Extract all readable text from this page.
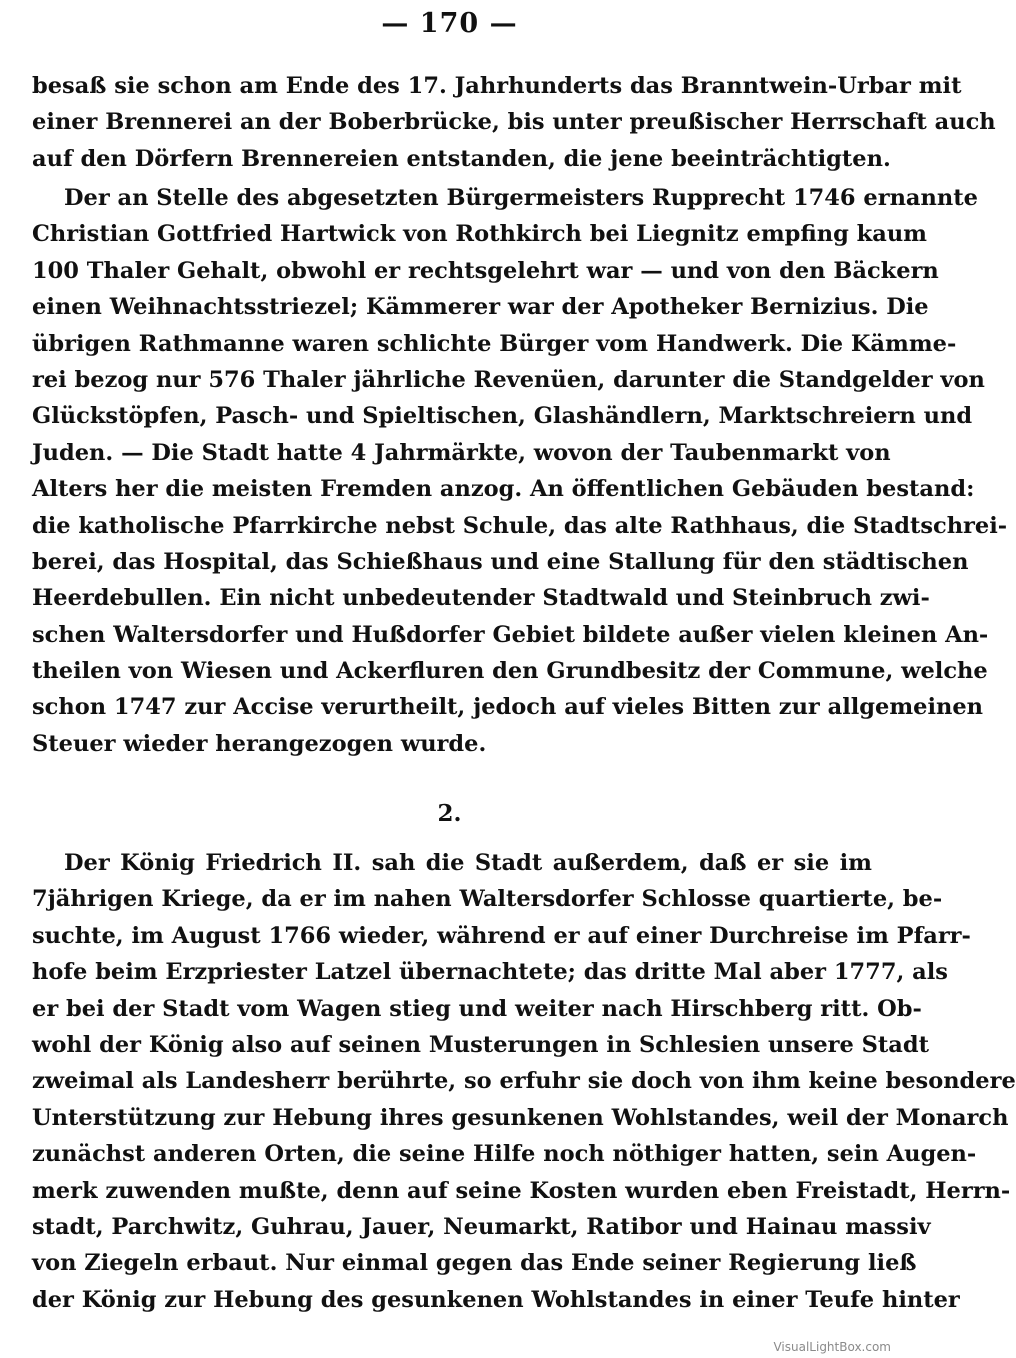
— 170 —
besaß sie schon am Ende des 17. Jahrhunderts das Branntwein-Urbar mit
einer Brennerei an der Boberbrücke, bis unter preußischer Herrschaft auch
auf den Dörfern Brennereien entstanden, die jene beeinträchtigten.
Der an Stelle des abgesetzten Bürgermeisters Rupprecht 1746 ernannte
Christian Gottfried Hartwick von Rothkirch bei Liegnitz empfing kaum
100 Thaler Gehalt, obwohl er rechtsgelehrt war — und von den Bäckern
einen Weihnachtsstriezel; Kämmerer war der Apotheker Bernizius. Die
übrigen Rathmanne waren schlichte Bürger vom Handwerk. Die Kämme-
rei bezog nur 576 Thaler jährliche Revenüen, darunter die Standgelder von
Glückstöpfen, Pasch- und Spieltischen, Glashändlern, Marktschreiern und
Juden. — Die Stadt hatte 4 Jahrmärkte, wovon der Taubenmarkt von
Alters her die meisten Fremden anzog. An öffentlichen Gebäuden bestand:
die katholische Pfarrkirche nebst Schule, das alte Rathhaus, die Stadtschrei-
berei, das Hospital, das Schießhaus und eine Stallung für den städtischen
Heerdebullen. Ein nicht unbedeutender Stadtwald und Steinbruch zwi-
schen Waltersdorfer und Hußdorfer Gebiet bildete außer vielen kleinen An-
theilen von Wiesen und Ackerfluren den Grundbesitz der Commune, welche
schon 1747 zur Accise verurtheilt, jedoch auf vieles Bitten zur allgemeinen
Steuer wieder herangezogen wurde.
2.
Der König Friedrich II. sah die Stadt außerdem, daß er sie im
7jährigen Kriege, da er im nahen Waltersdorfer Schlosse quartierte, be-
suchte, im August 1766 wieder, während er auf einer Durchreise im Pfarr-
hofe beim Erzpriester Latzel übernachtete; das dritte Mal aber 1777, als
er bei der Stadt vom Wagen stieg und weiter nach Hirschberg ritt. Ob-
wohl der König also auf seinen Musterungen in Schlesien unsere Stadt
zweimal als Landesherr berührte, so erfuhr sie doch von ihm keine besondere
Unterstützung zur Hebung ihres gesunkenen Wohlstandes, weil der Monarch
zunächst anderen Orten, die seine Hilfe noch nöthiger hatten, sein Augen-
merk zuwenden mußte, denn auf seine Kosten wurden eben Freistadt, Herrn-
stadt, Parchwitz, Guhrau, Jauer, Neumarkt, Ratibor und Hainau massiv
von Ziegeln erbaut. Nur einmal gegen das Ende seiner Regierung ließ
der König zur Hebung des gesunkenen Wohlstandes in einer Teufe hinter
VisualLightBox.com
